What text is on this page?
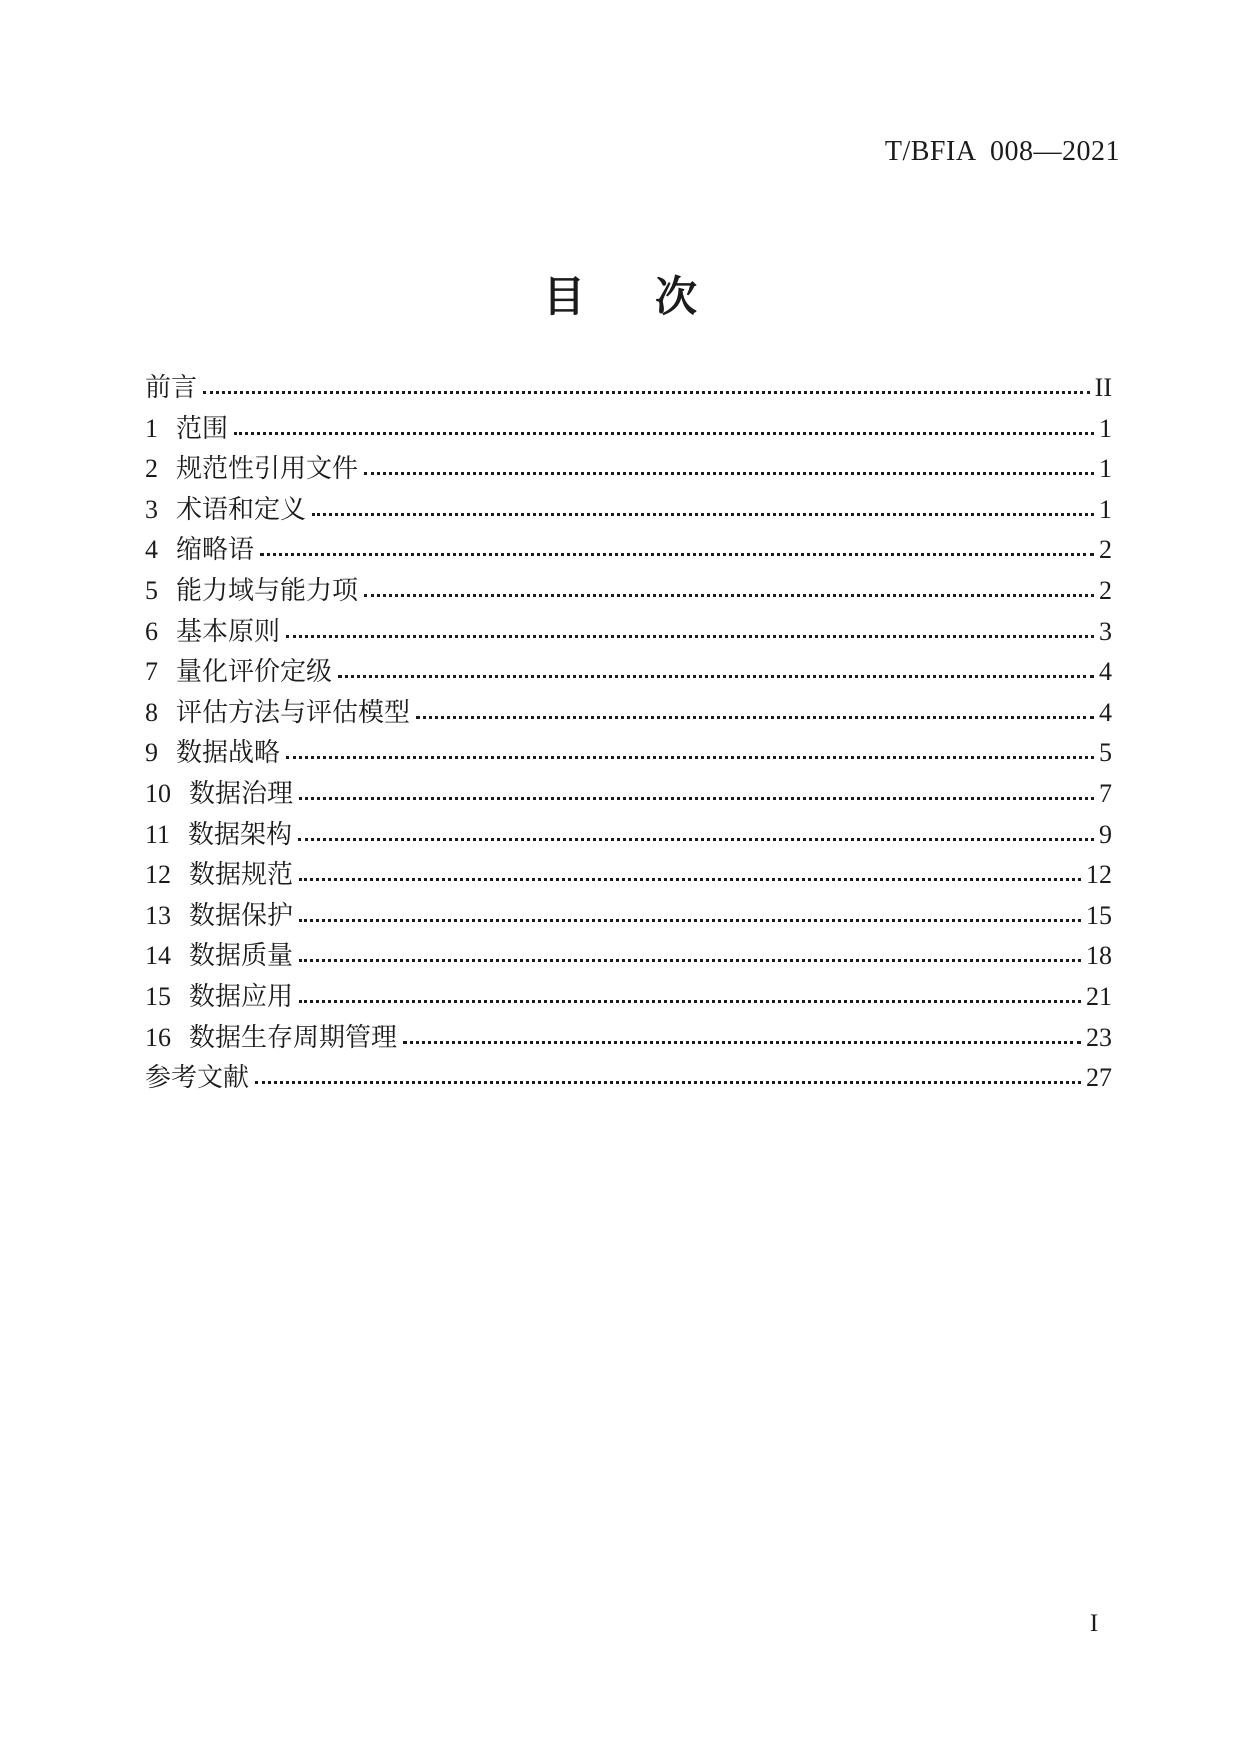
T/BFIA  008—2021
目　次
前言	II
1 范围	1
2 规范性引用文件	1
3 术语和定义	1
4 缩略语	2
5 能力域与能力项	2
6 基本原则	3
7 量化评价定级	4
8 评估方法与评估模型	4
9 数据战略	5
10 数据治理	7
11 数据架构	9
12 数据规范	12
13 数据保护	15
14 数据质量	18
15 数据应用	21
16 数据生存周期管理	23
参考文献	27
I
